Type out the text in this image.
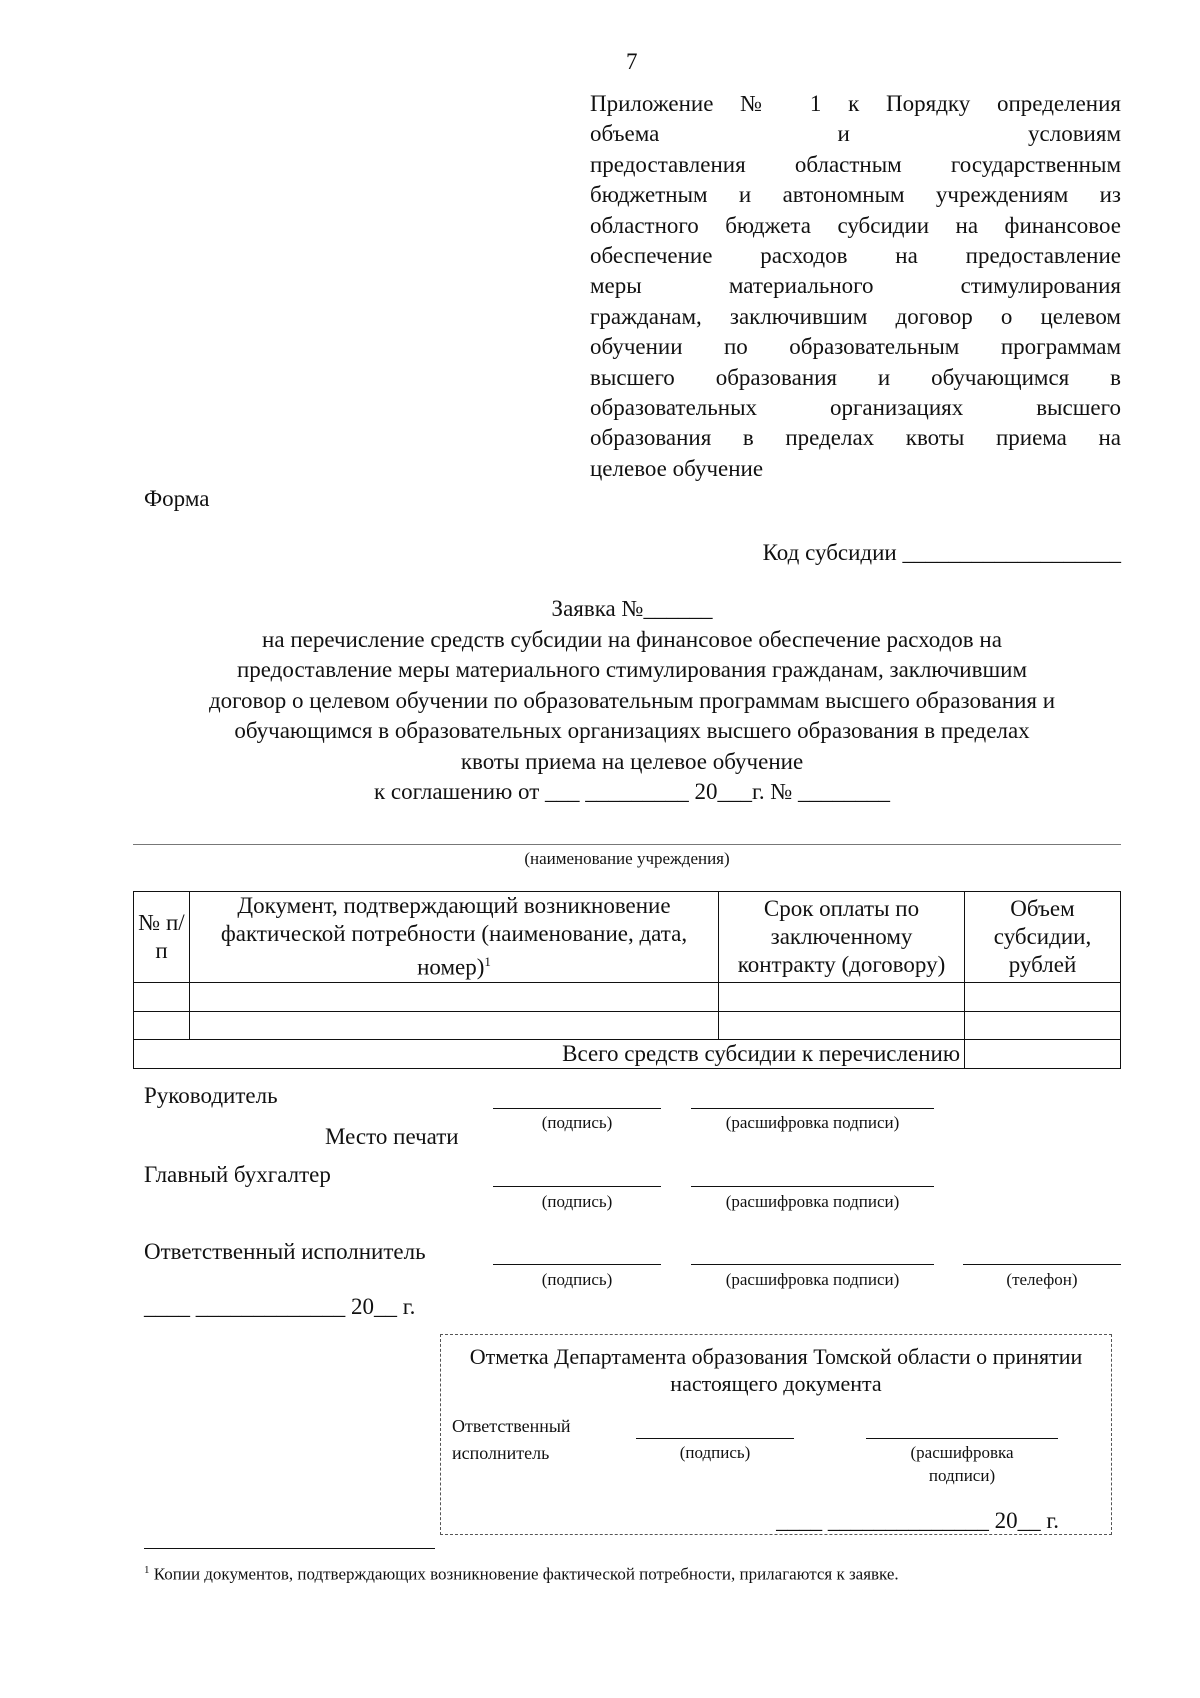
7
Приложение № 1 к Порядку определения
объема и условиям
предоставления областным государственным
бюджетным и автономным учреждениям из
областного бюджета субсидии на финансовое
обеспечение расходов на предоставление
меры материального стимулирования
гражданам, заключившим договор о целевом
обучении по образовательным программам
высшего образования и обучающимся в
образовательных организациях высшего
образования в пределах квоты приема на
целевое обучение
Форма
Код субсидии ___________________
Заявка №______
на перечисление средств субсидии на финансовое обеспечение расходов на
предоставление меры материального стимулирования гражданам, заключившим
договор о целевом обучении по образовательным программам высшего образования и
обучающимся в образовательных организациях высшего образования в пределах
квоты приема на целевое обучение
к соглашению от ___ _________ 20___г. № ________
(наименование учреждения)
№ п/п	Документ, подтверждающий возникновение фактической потребности (наименование, дата, номер)$^1$	Срок оплаты по заключенному контракту (договору)	Объем субсидии, рублей

Всего средств субсидии к перечислению			
Руководитель
(подпись)	(расшифровка подписи)
Место печати
Главный бухгалтер
(подпись)	(расшифровка подписи)
Ответственный исполнитель
(подпись)	(расшифровка подписи)	(телефон)
____ _____________ 20__ г.
Отметка Департамента образования Томской области о принятии настоящего документа
Ответственный
исполнитель	(подпись)	(расшифровка
подписи)
____ ______________ 20__ г.
$^1$ Копии документов, подтверждающих возникновение фактической потребности, прилагаются к заявке.
